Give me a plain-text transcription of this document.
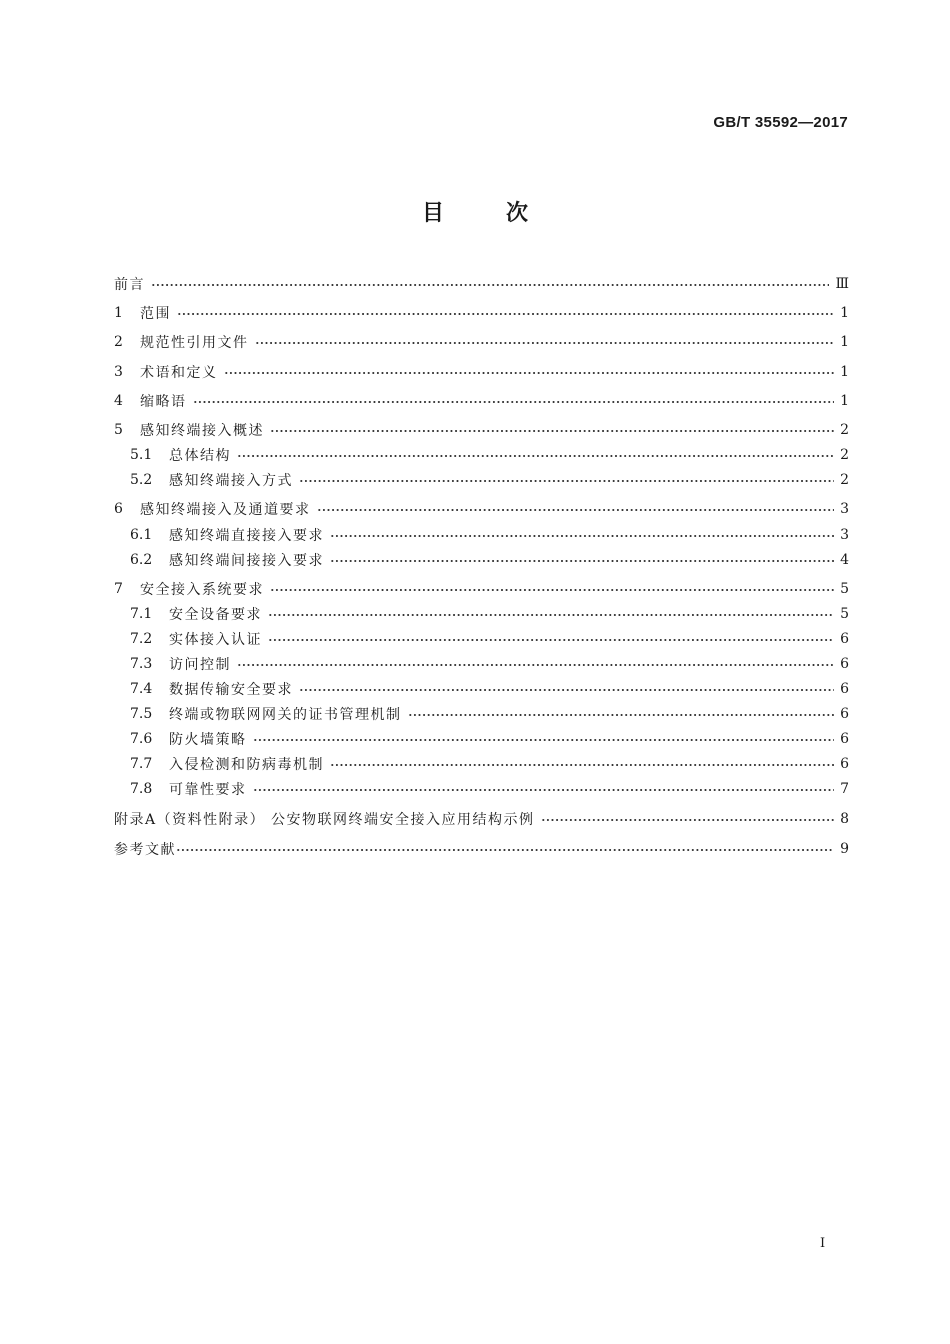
GB/T 35592—2017
目次
前言	Ⅲ
1	范围	1
2	规范性引用文件	1
3	术语和定义	1
4	缩略语	1
5	感知终端接入概述	2
5.1	总体结构	2
5.2	感知终端接入方式	2
6	感知终端接入及通道要求	3
6.1	感知终端直接接入要求	3
6.2	感知终端间接接入要求	4
7	安全接入系统要求	5
7.1	安全设备要求	5
7.2	实体接入认证	6
7.3	访问控制	6
7.4	数据传输安全要求	6
7.5	终端或物联网网关的证书管理机制	6
7.6	防火墙策略	6
7.7	入侵检测和防病毒机制	6
7.8	可靠性要求	7
附录A（资料性附录） 公安物联网终端安全接入应用结构示例	8
参考文献	9
I
